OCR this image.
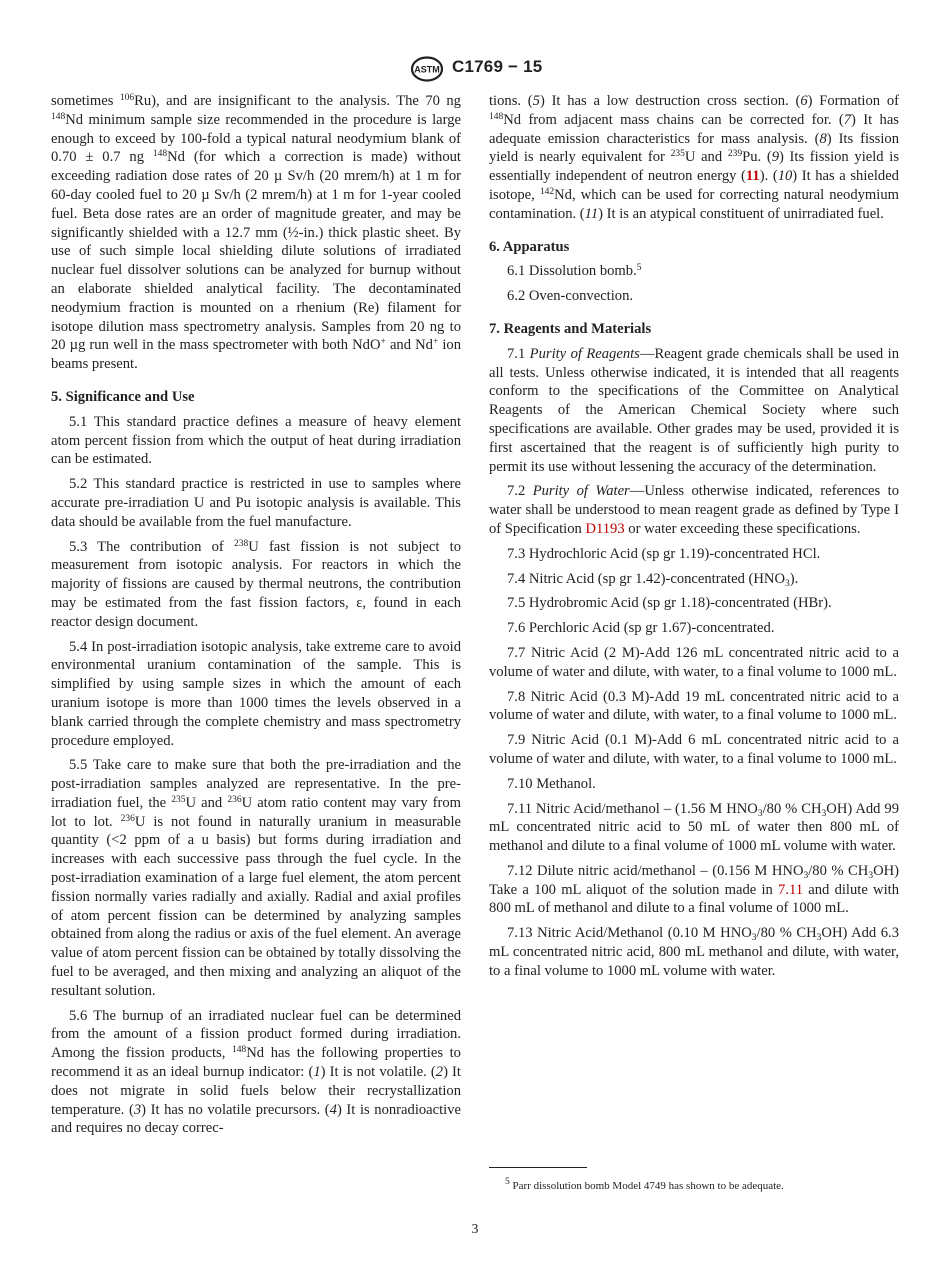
ASTM C1769 − 15

sometimes $^{106}$Ru), and are insignificant to the analysis. The 70 ng $^{148}$Nd minimum sample size recommended in the procedure is large enough to exceed by 100-fold a typical natural neodymium blank of 0.70 ± 0.7 ng $^{148}$Nd (for which a correction is made) without exceeding radiation dose rates of 20 µ Sv/h (20 mrem/h) at 1 m for 60-day cooled fuel to 20 µ Sv/h (2 mrem/h) at 1 m for 1-year cooled fuel. Beta dose rates are an order of magnitude greater, and may be significantly shielded with a 12.7 mm (½-in.) thick plastic sheet. By use of such simple local shielding dilute solutions of irradiated nuclear fuel dissolver solutions can be analyzed for burnup without an elaborate shielded analytical facility. The decontaminated neodymium fraction is mounted on a rhenium (Re) filament for isotope dilution mass spectrometry analysis. Samples from 20 ng to 20 µg run well in the mass spectrometer with both NdO+ and Nd+ ion beams present.

5. Significance and Use

5.1 This standard practice defines a measure of heavy element atom percent fission from which the output of heat during irradiation can be estimated.

5.2 This standard practice is restricted in use to samples where accurate pre-irradiation U and Pu isotopic analysis is available. This data should be available from the fuel manufacture.

5.3 The contribution of $^{238}$U fast fission is not subject to measurement from isotopic analysis. For reactors in which the majority of fissions are caused by thermal neutrons, the contribution may be estimated from the fast fission factors, ε, found in each reactor design document.

5.4 In post-irradiation isotopic analysis, take extreme care to avoid environmental uranium contamination of the sample. This is simplified by using sample sizes in which the amount of each uranium isotope is more than 1000 times the levels observed in a blank carried through the complete chemistry and mass spectrometry procedure employed.

5.5 Take care to make sure that both the pre-irradiation and the post-irradiation samples analyzed are representative. In the pre-irradiation fuel, the $^{235}$U and $^{236}$U atom ratio content may vary from lot to lot. $^{236}$U is not found in naturally uranium in measurable quantity (<2 ppm of a u basis) but forms during irradiation and increases with each successive pass through the fuel cycle. In the post-irradiation examination of a large fuel element, the atom percent fission normally varies radially and axially. Radial and axial profiles of atom percent fission can be determined by analyzing samples obtained from along the radius or axis of the fuel element. An average value of atom percent fission can be obtained by totally dissolving the fuel to be averaged, and then mixing and analyzing an aliquot of the resultant solution.

5.6 The burnup of an irradiated nuclear fuel can be determined from the amount of a fission product formed during irradiation. Among the fission products, $^{148}$Nd has the following properties to recommend it as an ideal burnup indicator: (1) It is not volatile. (2) It does not migrate in solid fuels below their recrystallization temperature. (3) It has no volatile precursors. (4) It is nonradioactive and requires no decay correc-

tions. (5) It has a low destruction cross section. (6) Formation of $^{148}$Nd from adjacent mass chains can be corrected for. (7) It has adequate emission characteristics for mass analysis. (8) Its fission yield is nearly equivalent for $^{235}$U and $^{239}$Pu. (9) Its fission yield is essentially independent of neutron energy (11). (10) It has a shielded isotope, $^{142}$Nd, which can be used for correcting natural neodymium contamination. (11) It is an atypical constituent of unirradiated fuel.

6. Apparatus

6.1 Dissolution bomb.$^5$

6.2 Oven-convection.

7. Reagents and Materials

7.1 Purity of Reagents—Reagent grade chemicals shall be used in all tests. Unless otherwise indicated, it is intended that all reagents conform to the specifications of the Committee on Analytical Reagents of the American Chemical Society where such specifications are available. Other grades may be used, provided it is first ascertained that the reagent is of sufficiently high purity to permit its use without lessening the accuracy of the determination.

7.2 Purity of Water—Unless otherwise indicated, references to water shall be understood to mean reagent grade as defined by Type I of Specification D1193 or water exceeding these specifications.

7.3 Hydrochloric Acid (sp gr 1.19)-concentrated HCl.

7.4 Nitric Acid (sp gr 1.42)-concentrated $(HNO_3)$.

7.5 Hydrobromic Acid (sp gr 1.18)-concentrated (HBr).

7.6 Perchloric Acid (sp gr 1.67)-concentrated.

7.7 Nitric Acid (2 M)-Add 126 mL concentrated nitric acid to a volume of water and dilute, with water, to a final volume to 1000 mL.

7.8 Nitric Acid (0.3 M)-Add 19 mL concentrated nitric acid to a volume of water and dilute, with water, to a final volume to 1000 mL.

7.9 Nitric Acid (0.1 M)-Add 6 mL concentrated nitric acid to a volume of water and dilute, with water, to a final volume to 1000 mL.

7.10 Methanol.

7.11 Nitric Acid/methanol – (1.56 M $HNO_3/80$ % $CH_3OH$) Add 99 mL concentrated nitric acid to 50 mL of water then 800 mL of methanol and dilute to a final volume of 1000 mL volume with water.

7.12 Dilute nitric acid/methanol – (0.156 M $HNO_3/80$ % $CH_3OH$) Take a 100 mL aliquot of the solution made in 7.11 and dilute with 800 mL of methanol and dilute to a final volume of 1000 mL.

7.13 Nitric Acid/Methanol (0.10 M $HNO_3/80$ % $CH_3OH$) Add 6.3 mL concentrated nitric acid, 800 mL methanol and dilute, with water, to a final volume to 1000 mL volume with water.

$^5$ Parr dissolution bomb Model 4749 has shown to be adequate.
3
